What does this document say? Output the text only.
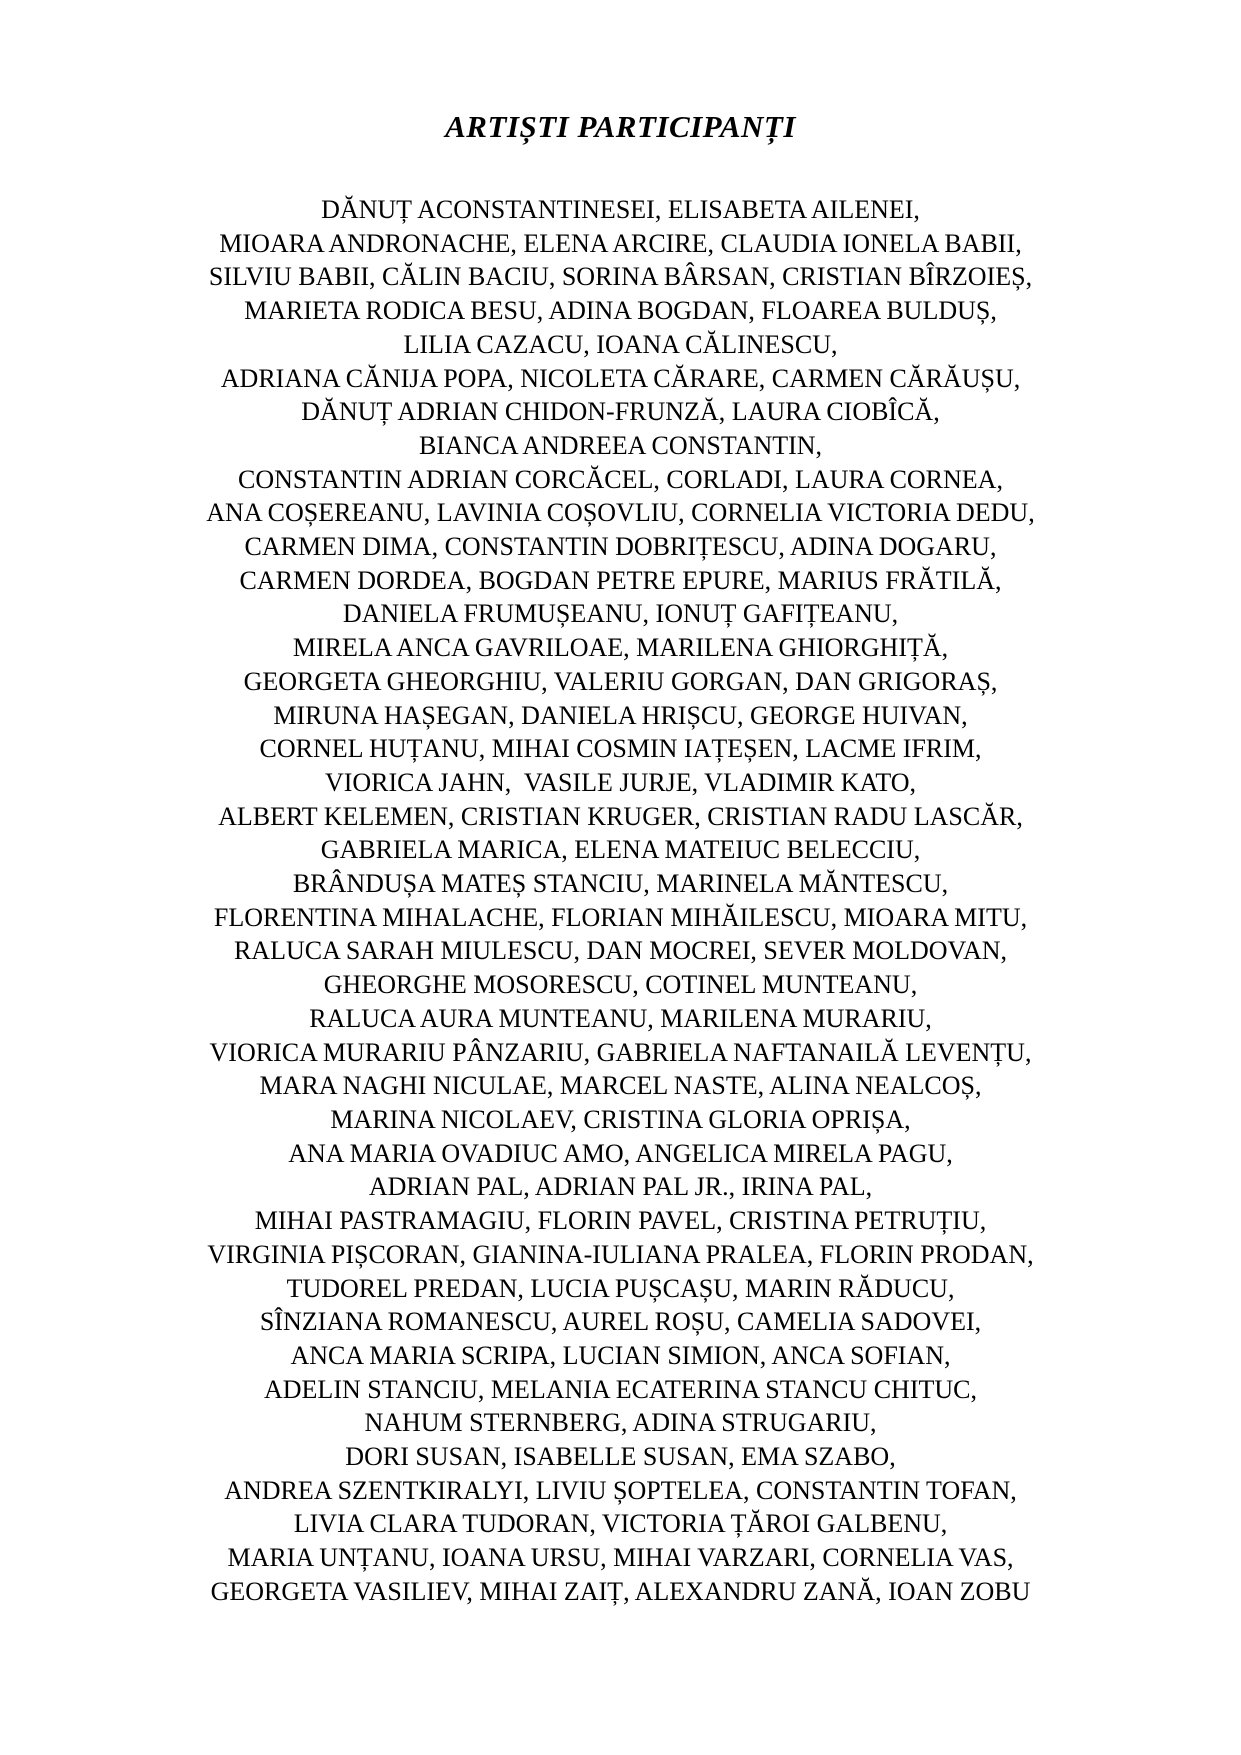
ARTIȘTI PARTICIPANȚI
DĂNUȚ ACONSTANTINESEI, ELISABETA AILENEI,
MIOARA ANDRONACHE, ELENA ARCIRE, CLAUDIA IONELA BABII,
SILVIU BABII, CĂLIN BACIU, SORINA BÂRSAN, CRISTIAN BÎRZOIEȘ,
MARIETA RODICA BESU, ADINA BOGDAN, FLOAREA BULDUȘ,
LILIA CAZACU, IOANA CĂLINESCU,
ADRIANA CĂNIJA POPA, NICOLETA CĂRARE, CARMEN CĂRĂUȘU,
DĂNUȚ ADRIAN CHIDON-FRUNZĂ, LAURA CIOBÎCĂ,
BIANCA ANDREEA CONSTANTIN,
CONSTANTIN ADRIAN CORCĂCEL, CORLADI, LAURA CORNEA,
ANA COȘEREANU, LAVINIA COȘOVLIU, CORNELIA VICTORIA DEDU,
CARMEN DIMA, CONSTANTIN DOBRIȚESCU, ADINA DOGARU,
CARMEN DORDEA, BOGDAN PETRE EPURE, MARIUS FRĂTILĂ,
DANIELA FRUMUȘEANU, IONUȚ GAFIȚEANU,
MIRELA ANCA GAVRILOAE, MARILENA GHIORGHIȚĂ,
GEORGETA GHEORGHIU, VALERIU GORGAN, DAN GRIGORAȘ,
MIRUNA HAȘEGAN, DANIELA HRIȘCU, GEORGE HUIVAN,
CORNEL HUȚANU, MIHAI COSMIN IAȚEȘEN, LACME IFRIM,
VIORICA JAHN,  VASILE JURJE, VLADIMIR KATO,
ALBERT KELEMEN, CRISTIAN KRUGER, CRISTIAN RADU LASCĂR,
GABRIELA MARICA, ELENA MATEIUC BELECCIU,
BRÂNDUȘA MATEȘ STANCIU, MARINELA MĂNTESCU,
FLORENTINA MIHALACHE, FLORIAN MIHĂILESCU, MIOARA MITU,
RALUCA SARAH MIULESCU, DAN MOCREI, SEVER MOLDOVAN,
GHEORGHE MOSORESCU, COTINEL MUNTEANU,
RALUCA AURA MUNTEANU, MARILENA MURARIU,
VIORICA MURARIU PÂNZARIU, GABRIELA NAFTANAILĂ LEVENȚU,
MARA NAGHI NICULAE, MARCEL NASTE, ALINA NEALCOȘ,
MARINA NICOLAEV, CRISTINA GLORIA OPRIȘA,
ANA MARIA OVADIUC AMO, ANGELICA MIRELA PAGU,
ADRIAN PAL, ADRIAN PAL JR., IRINA PAL,
MIHAI PASTRAMAGIU, FLORIN PAVEL, CRISTINA PETRUȚIU,
VIRGINIA PIȘCORAN, GIANINA-IULIANA PRALEA, FLORIN PRODAN,
TUDOREL PREDAN, LUCIA PUȘCAȘU, MARIN RĂDUCU,
SÎNZIANA ROMANESCU, AUREL ROȘU, CAMELIA SADOVEI,
ANCA MARIA SCRIPA, LUCIAN SIMION, ANCA SOFIAN,
ADELIN STANCIU, MELANIA ECATERINA STANCU CHITUC,
NAHUM STERNBERG, ADINA STRUGARIU,
DORI SUSAN, ISABELLE SUSAN, EMA SZABO,
ANDREA SZENTKIRALYI, LIVIU ȘOPTELEA, CONSTANTIN TOFAN,
LIVIA CLARA TUDORAN, VICTORIA ȚĂROI GALBENU,
MARIA UNȚANU, IOANA URSU, MIHAI VARZARI, CORNELIA VAS,
GEORGETA VASILIEV, MIHAI ZAIȚ, ALEXANDRU ZANĂ, IOAN ZOBU
